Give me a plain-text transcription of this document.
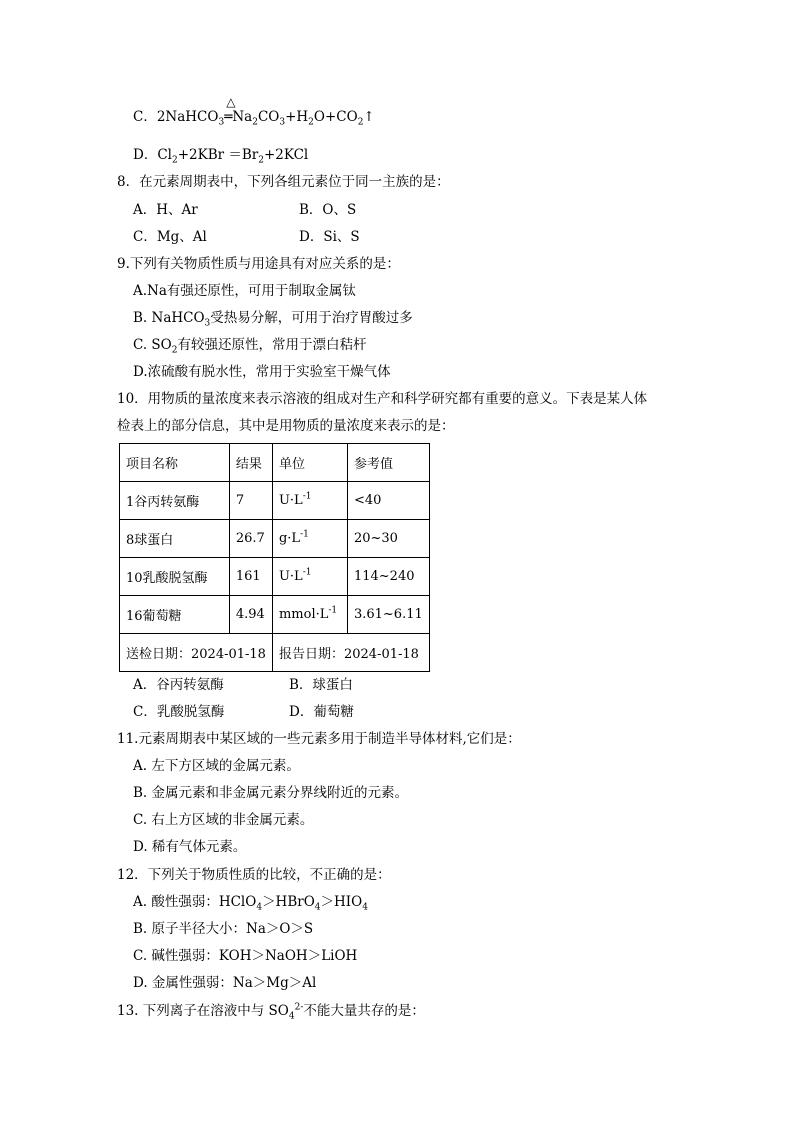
C．2NaHCO$_3$
△
$═Na_2CO_3+H_2O+CO_2↑$
D．$Cl_2+2KBr =Br_2+2KCl$
8．在元素周期表中，下列各组元素位于同一主族的是：
A．H、Ar	B．O、S
C．Mg、Al	D．Si、S
9.下列有关物质性质与用途具有对应关系的是：
A.Na有强还原性，可用于制取金属钛
B. NaHCO$_3$受热易分解，可用于治疗胃酸过多
C. $SO_2$有较强还原性，常用于漂白秸杆
D.浓硫酸有脱水性，常用于实验室干燥气体
10．用物质的量浓度来表示溶液的组成对生产和科学研究都有重要的意义。下表是某人体
检表上的部分信息，其中是用物质的量浓度来表示的是：
项目名称	结果	单位	参考值
1谷丙转氨酶	7	$U\cdot L^{-1}$	<40
8球蛋白	26.7	$g\cdot L^{-1}$	20~30
10乳酸脱氢酶	161	$U\cdot L^{-1}$	114~240
16葡萄糖	4.94	$mmol\cdot L^{-1}$	3.61~6.11
送检日期：2024-01-18		报告日期：2024-01-18	
A．谷丙转氨酶	B．球蛋白
C．乳酸脱氢酶	D．葡萄糖
11.元素周期表中某区域的一些元素多用于制造半导体材料,它们是：
A. 左下方区域的金属元素。
B. 金属元素和非金属元素分界线附近的元素。
C. 右上方区域的非金属元素。
D. 稀有气体元素。
12．下列关于物质性质的比较，不正确的是：
A. 酸性强弱：$HClO_4>HBrO_4>HIO_4$
B. 原子半径大小：Na＞O＞S
C. 碱性强弱：KOH＞NaOH＞LiOH
D. 金属性强弱：Na＞Mg＞Al
13. 下列离子在溶液中与 $SO_4^{2-}$不能大量共存的是：
